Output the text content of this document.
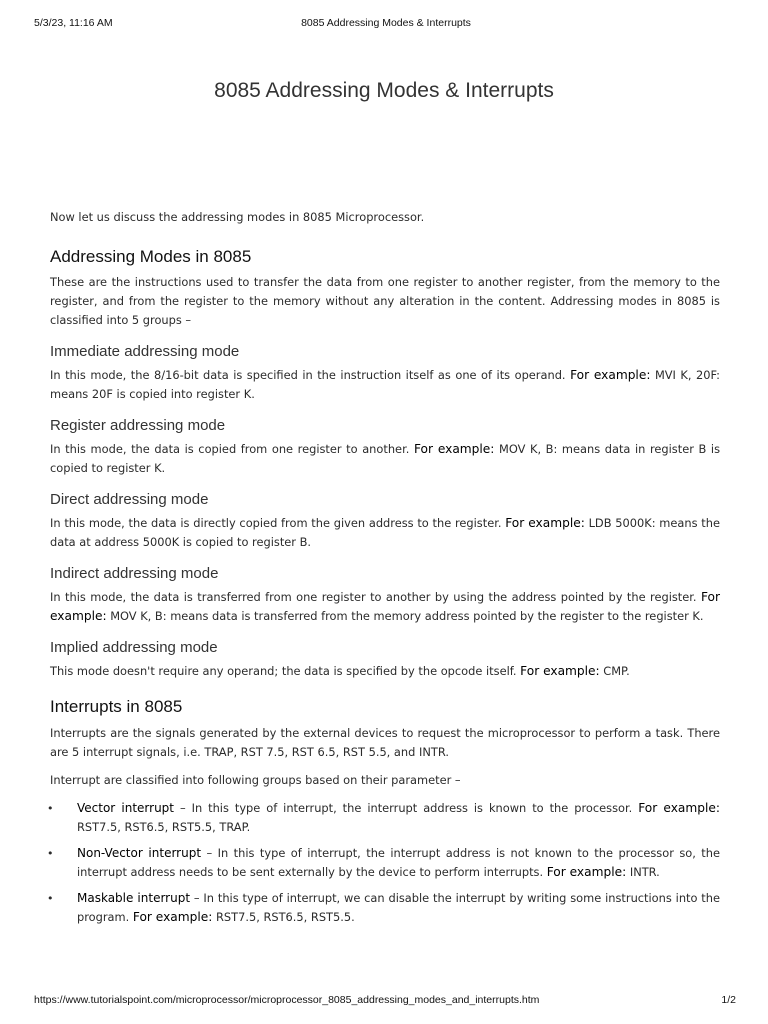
5/3/23, 11:16 AM	8085 Addressing Modes & Interrupts
8085 Addressing Modes & Interrupts

Now let us discuss the addressing modes in 8085 Microprocessor.

Addressing Modes in 8085

These are the instructions used to transfer the data from one register to another register, from the memory to the register, and from the register to the memory without any alteration in the content. Addressing modes in 8085 is classified into 5 groups –

Immediate addressing mode

In this mode, the 8/16-bit data is specified in the instruction itself as one of its operand. For example: MVI K, 20F: means 20F is copied into register K.

Register addressing mode

In this mode, the data is copied from one register to another. For example: MOV K, B: means data in register B is copied to register K.

Direct addressing mode

In this mode, the data is directly copied from the given address to the register. For example: LDB 5000K: means the data at address 5000K is copied to register B.

Indirect addressing mode

In this mode, the data is transferred from one register to another by using the address pointed by the register. For example: MOV K, B: means data is transferred from the memory address pointed by the register to the register K.

Implied addressing mode

This mode doesn't require any operand; the data is specified by the opcode itself. For example: CMP.

Interrupts in 8085

Interrupts are the signals generated by the external devices to request the microprocessor to perform a task. There are 5 interrupt signals, i.e. TRAP, RST 7.5, RST 6.5, RST 5.5, and INTR.

Interrupt are classified into following groups based on their parameter –

• Vector interrupt – In this type of interrupt, the interrupt address is known to the processor. For example: RST7.5, RST6.5, RST5.5, TRAP.
• Non-Vector interrupt – In this type of interrupt, the interrupt address is not known to the processor so, the interrupt address needs to be sent externally by the device to perform interrupts. For example: INTR.
• Maskable interrupt – In this type of interrupt, we can disable the interrupt by writing some instructions into the program. For example: RST7.5, RST6.5, RST5.5.
https://www.tutorialspoint.com/microprocessor/microprocessor_8085_addressing_modes_and_interrupts.htm	1/2
